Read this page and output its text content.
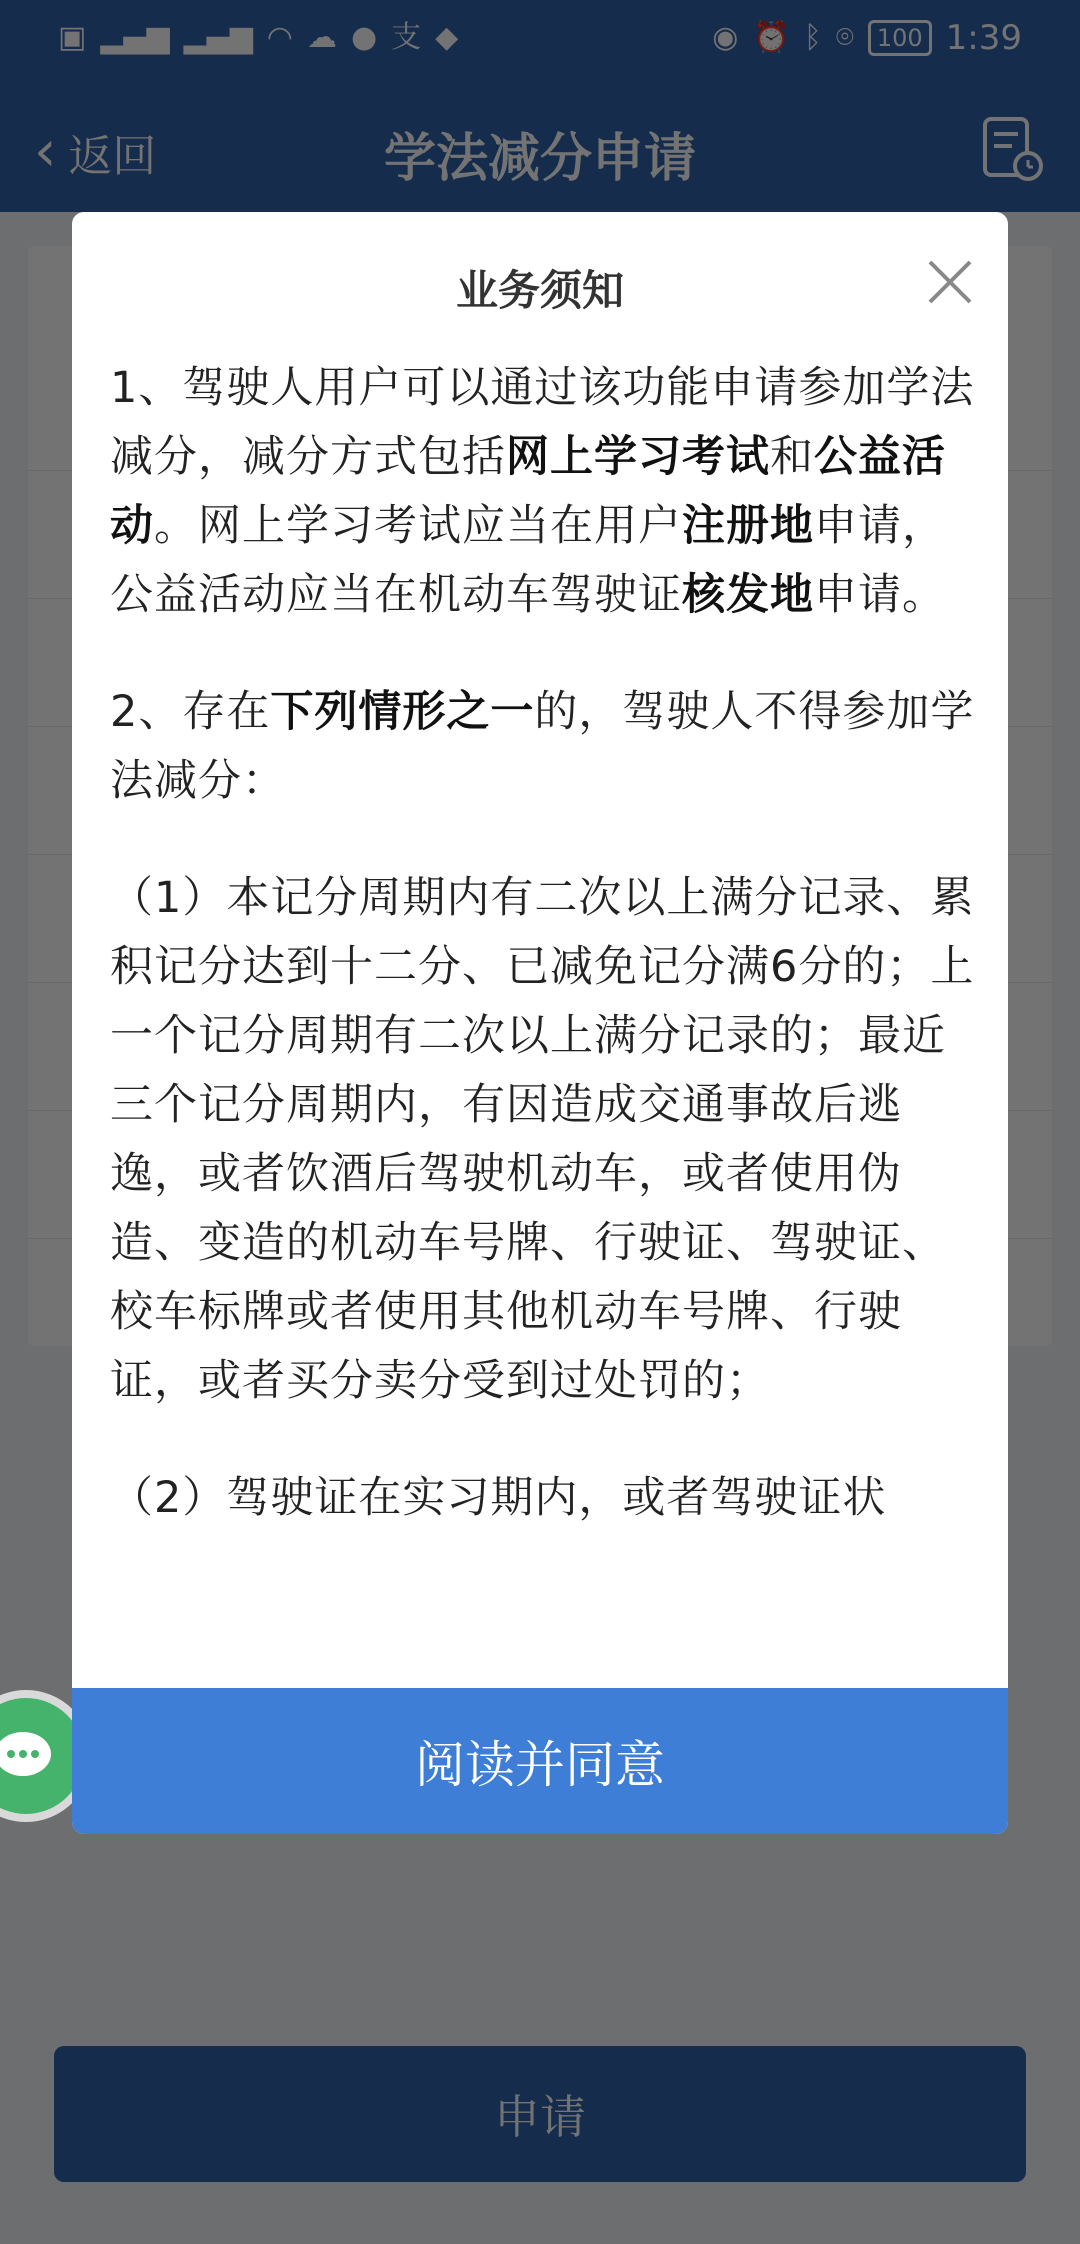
业务须知

1、驾驶人用户可以通过该功能申请参加学法减分，减分方式包括网上学习考试和公益活动。网上学习考试应当在用户注册地申请，公益活动应当在机动车驾驶证核发地申请。

2、存在下列情形之一的，驾驶人不得参加学法减分：

（1）本记分周期内有二次以上满分记录、累积记分达到十二分、已减免记分满6分的；上一个记分周期有二次以上满分记录的；最近三个记分周期内，有因造成交通事故后逃逸，或者饮酒后驾驶机动车，或者使用伪造、变造的机动车号牌、行驶证、驾驶证、校车标牌或者使用其他机动车号牌、行驶证，或者买分卖分受到过处罚的；

（2）驾驶证在实习期内，或者驾驶证状

阅读并同意
